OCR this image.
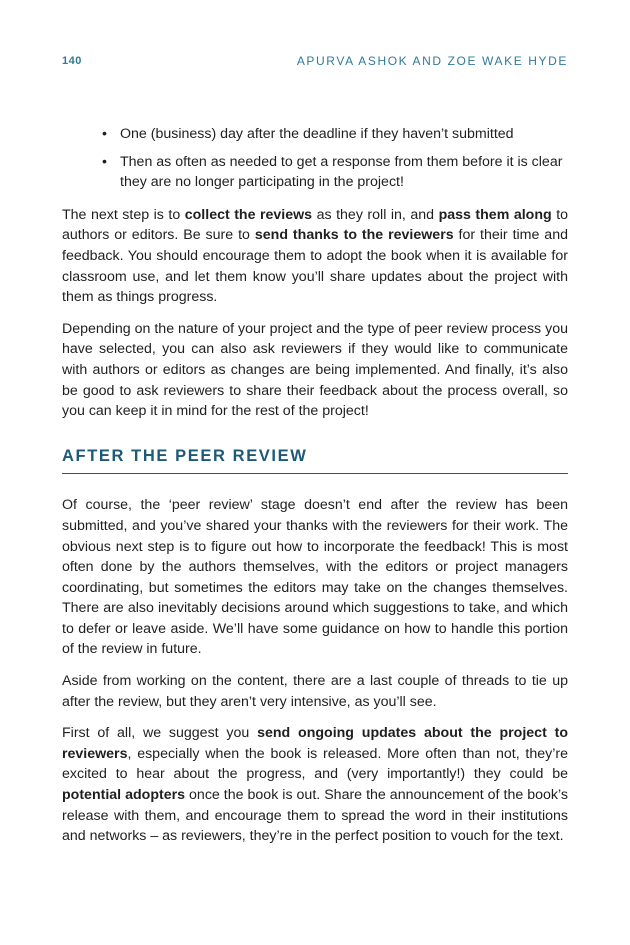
140	APURVA ASHOK AND ZOE WAKE HYDE
• One (business) day after the deadline if they haven’t submitted
• Then as often as needed to get a response from them before it is clear they are no longer participating in the project!

The next step is to collect the reviews as they roll in, and pass them along to authors or editors. Be sure to send thanks to the reviewers for their time and feedback. You should encourage them to adopt the book when it is available for classroom use, and let them know you’ll share updates about the project with them as things progress.

Depending on the nature of your project and the type of peer review process you have selected, you can also ask reviewers if they would like to communicate with authors or editors as changes are being implemented. And finally, it’s also be good to ask reviewers to share their feedback about the process overall, so you can keep it in mind for the rest of the project!

AFTER THE PEER REVIEW

Of course, the ‘peer review’ stage doesn’t end after the review has been submitted, and you’ve shared your thanks with the reviewers for their work. The obvious next step is to figure out how to incorporate the feedback! This is most often done by the authors themselves, with the editors or project managers coordinating, but sometimes the editors may take on the changes themselves. There are also inevitably decisions around which suggestions to take, and which to defer or leave aside. We’ll have some guidance on how to handle this portion of the review in future.

Aside from working on the content, there are a last couple of threads to tie up after the review, but they aren’t very intensive, as you’ll see.

First of all, we suggest you send ongoing updates about the project to reviewers, especially when the book is released. More often than not, they’re excited to hear about the progress, and (very importantly!) they could be potential adopters once the book is out. Share the announcement of the book’s release with them, and encourage them to spread the word in their institutions and networks – as reviewers, they’re in the perfect position to vouch for the text.
